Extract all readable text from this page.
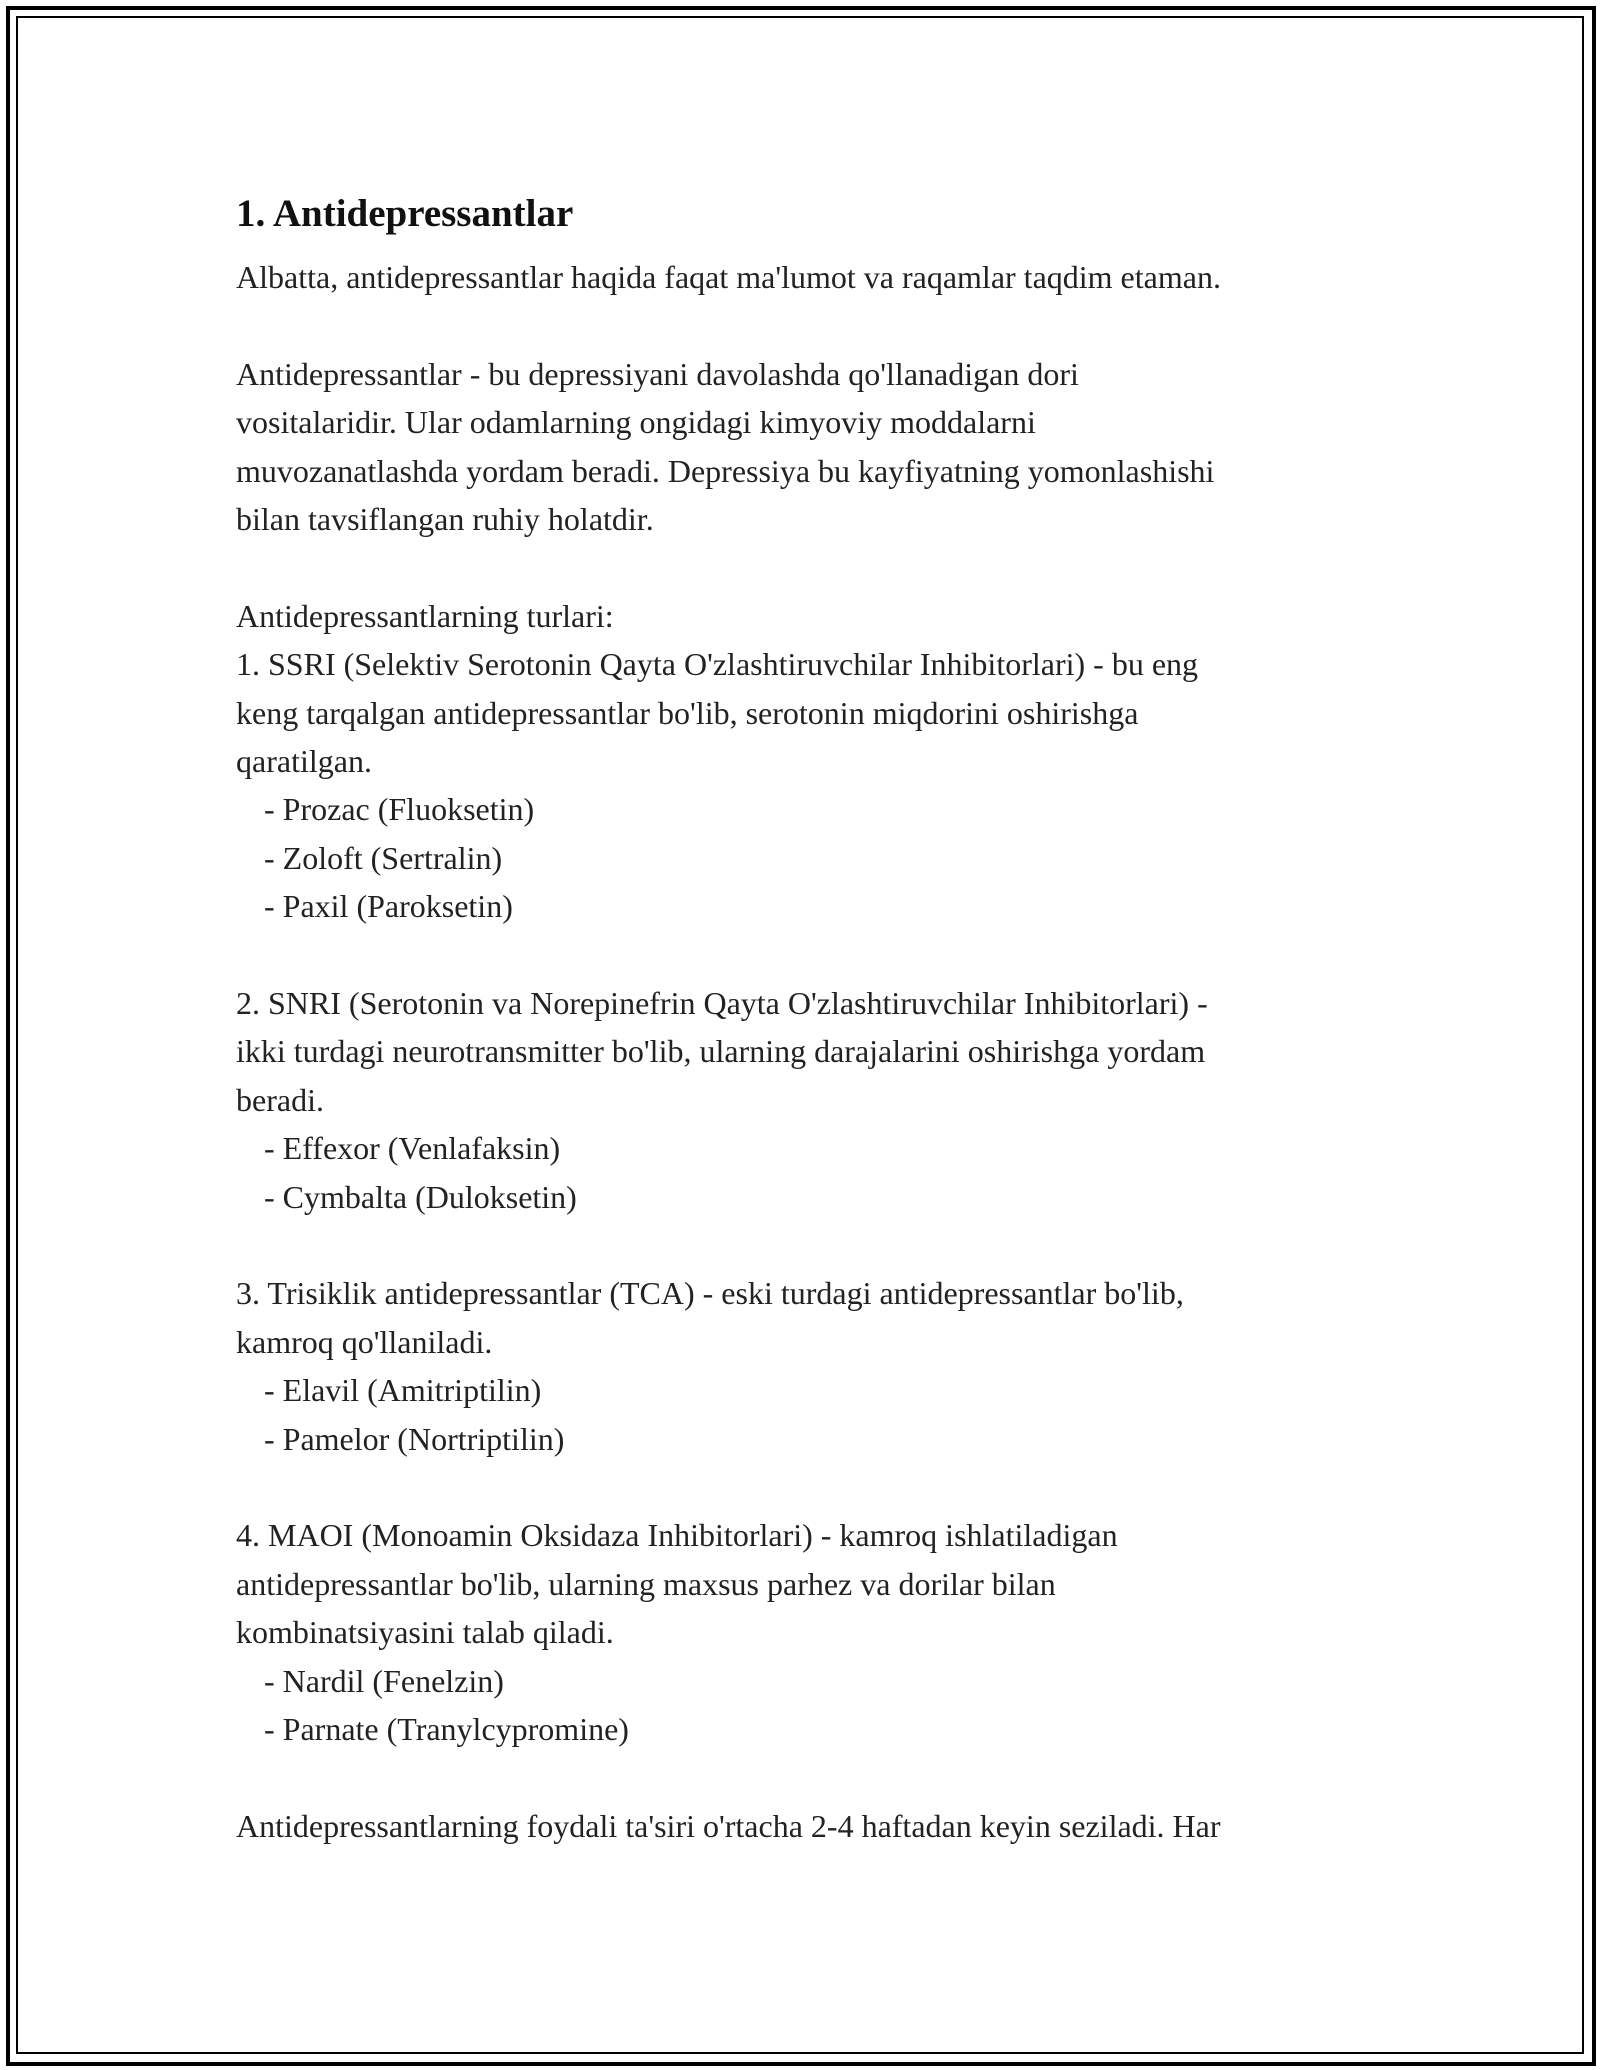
1. Antidepressantlar
Albatta, antidepressantlar haqida faqat ma'lumot va raqamlar taqdim etaman.
Antidepressantlar - bu depressiyani davolashda qo'llanadigan dori
vositalaridir. Ular odamlarning ongidagi kimyoviy moddalarni
muvozanatlashda yordam beradi. Depressiya bu kayfiyatning yomonlashishi
bilan tavsiflangan ruhiy holatdir.
Antidepressantlarning turlari:
1. SSRI (Selektiv Serotonin Qayta O'zlashtiruvchilar Inhibitorlari) - bu eng
keng tarqalgan antidepressantlar bo'lib, serotonin miqdorini oshirishga
qaratilgan.
- Prozac (Fluoksetin)
- Zoloft (Sertralin)
- Paxil (Paroksetin)
2. SNRI (Serotonin va Norepinefrin Qayta O'zlashtiruvchilar Inhibitorlari) -
ikki turdagi neurotransmitter bo'lib, ularning darajalarini oshirishga yordam
beradi.
- Effexor (Venlafaksin)
- Cymbalta (Duloksetin)
3. Trisiklik antidepressantlar (TCA) - eski turdagi antidepressantlar bo'lib,
kamroq qo'llaniladi.
- Elavil (Amitriptilin)
- Pamelor (Nortriptilin)
4. MAOI (Monoamin Oksidaza Inhibitorlari) - kamroq ishlatiladigan
antidepressantlar bo'lib, ularning maxsus parhez va dorilar bilan
kombinatsiyasini talab qiladi.
- Nardil (Fenelzin)
- Parnate (Tranylcypromine)
Antidepressantlarning foydali ta'siri o'rtacha 2-4 haftadan keyin seziladi. Har
